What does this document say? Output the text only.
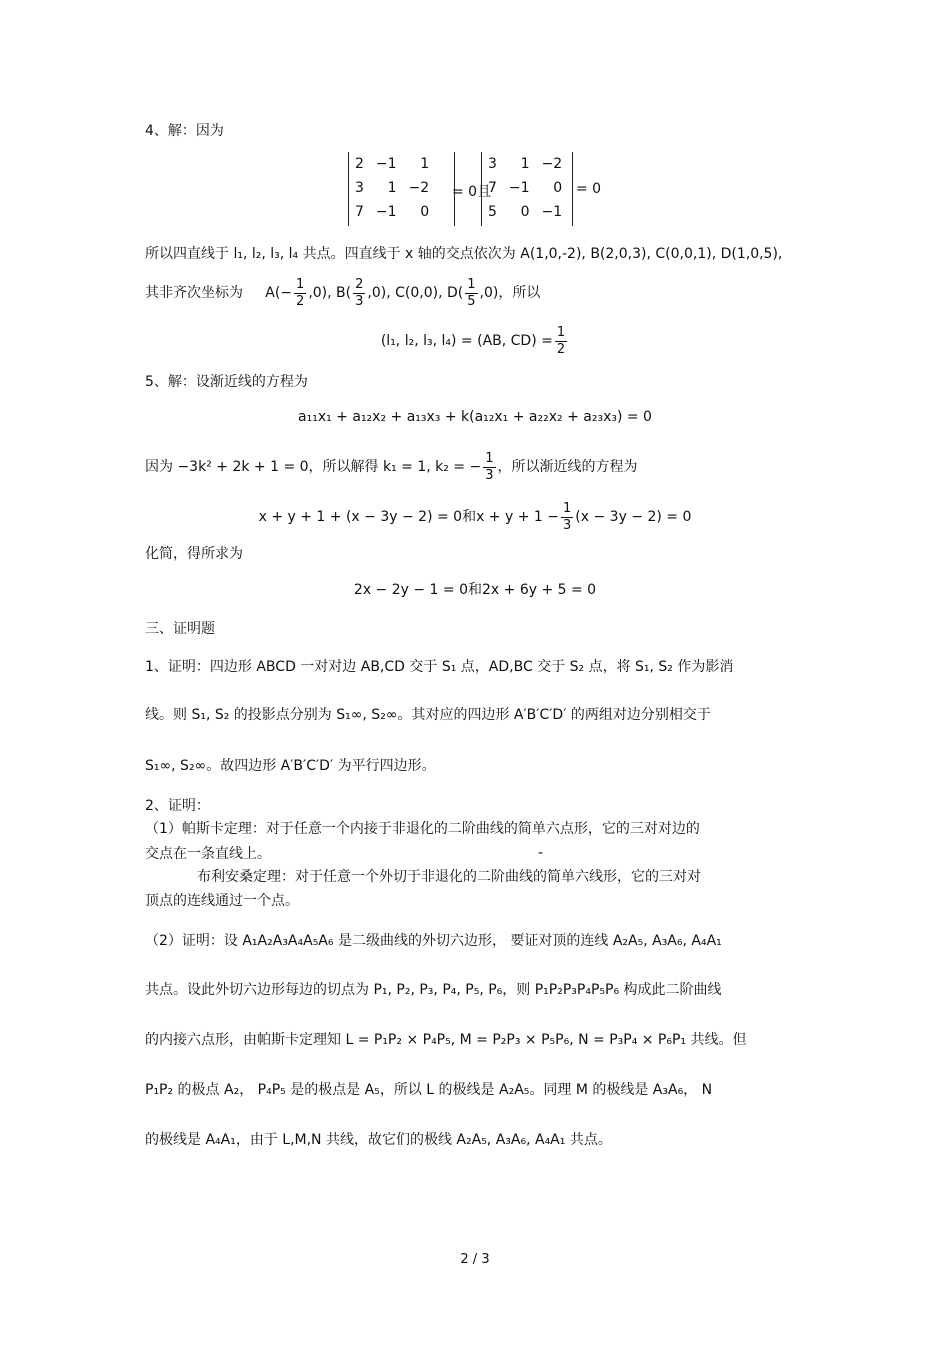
4、解：因为
2	−1	1
3	1	−2
7	−1	0
= 0且
3	1	−2
7	−1	0
5	0	−1
= 0
所以四直线于 l₁, l₂, l₃, l₄ 共点。四直线于 x 轴的交点依次为 A(1,0,-2), B(2,0,3), C(0,0,1), D(1,0,5),
其非齐次坐标为 $A(- \frac{1}{2} ,0)$, $B( \frac{2}{3} ,0)$, C(0,0), $D( \frac{1}{5} ,0)$，所以
(l₁, l₂, l₃, l₄) = (AB, $CD) = \frac{1}{2}$
5、解：设渐近线的方程为
a₁₁x₁ + a₁₂x₂ + a₁₃x₃ + k(a₁₂x₁ + a₂₂x₂ + a₂₃x₃) = 0
因为 −3k² + 2k + 1 = 0，所以解得 k₁ = 1, k₂ = − $\frac{1}{3}$ ，所以渐近线的方程为
x + y + 1 + (x − 3y − 2) = 0和$x + y + 1 - \frac{1}{3} (x - 3y - 2) = 0$
化简，得所求为
2x − 2y − 1 = 0和2x + 6y + 5 = 0
三、证明题
1、证明：四边形 ABCD 一对对边 AB,CD 交于 S₁ 点，AD,BC 交于 S₂ 点，将 S₁, S₂ 作为影消
线。则 S₁, S₂ 的投影点分别为 S₁∞, S₂∞。其对应的四边形 A′B′C′D′ 的两组对边分别相交于
S₁∞, S₂∞。故四边形 A′B′C′D′ 为平行四边形。
2、证明：
（1）帕斯卡定理：对于任意一个内接于非退化的二阶曲线的简单六点形，它的三对对边的
交点在一条直线上。	-
布利安桑定理：对于任意一个外切于非退化的二阶曲线的简单六线形，它的三对对
顶点的连线通过一个点。
（2）证明：设 A₁A₂A₃A₄A₅A₆ 是二级曲线的外切六边形， 要证对顶的连线 A₂A₅, A₃A₆, A₄A₁
共点。设此外切六边形每边的切点为 P₁, P₂, P₃, P₄, P₅, P₆，则 P₁P₂P₃P₄P₅P₆ 构成此二阶曲线
的内接六点形，由帕斯卡定理知 L = P₁P₂ × P₄P₅, M = P₂P₃ × P₅P₆, N = P₃P₄ × P₆P₁ 共线。但
P₁P₂ 的极点 A₂， P₄P₅ 是的极点是 A₅，所以 L 的极线是 A₂A₅。同理 M 的极线是 A₃A₆， N
的极线是 A₄A₁，由于 L,M,N 共线，故它们的极线 A₂A₅, A₃A₆, A₄A₁ 共点。
2 / 3
